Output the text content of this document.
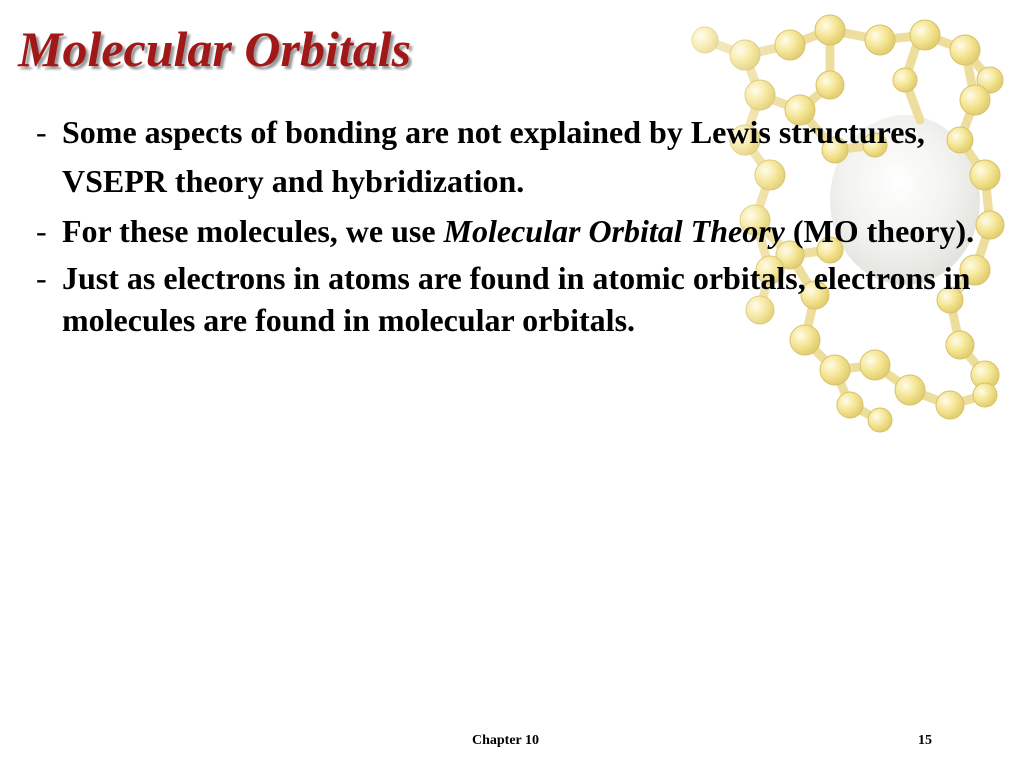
Molecular Orbitals
- Some aspects of bonding are not explained by Lewis structures, VSEPR theory and hybridization.
- For these molecules, we use Molecular Orbital Theory (MO theory).
- Just as electrons in atoms are found in atomic orbitals, electrons in molecules are found in molecular orbitals.
Chapter 10	15
